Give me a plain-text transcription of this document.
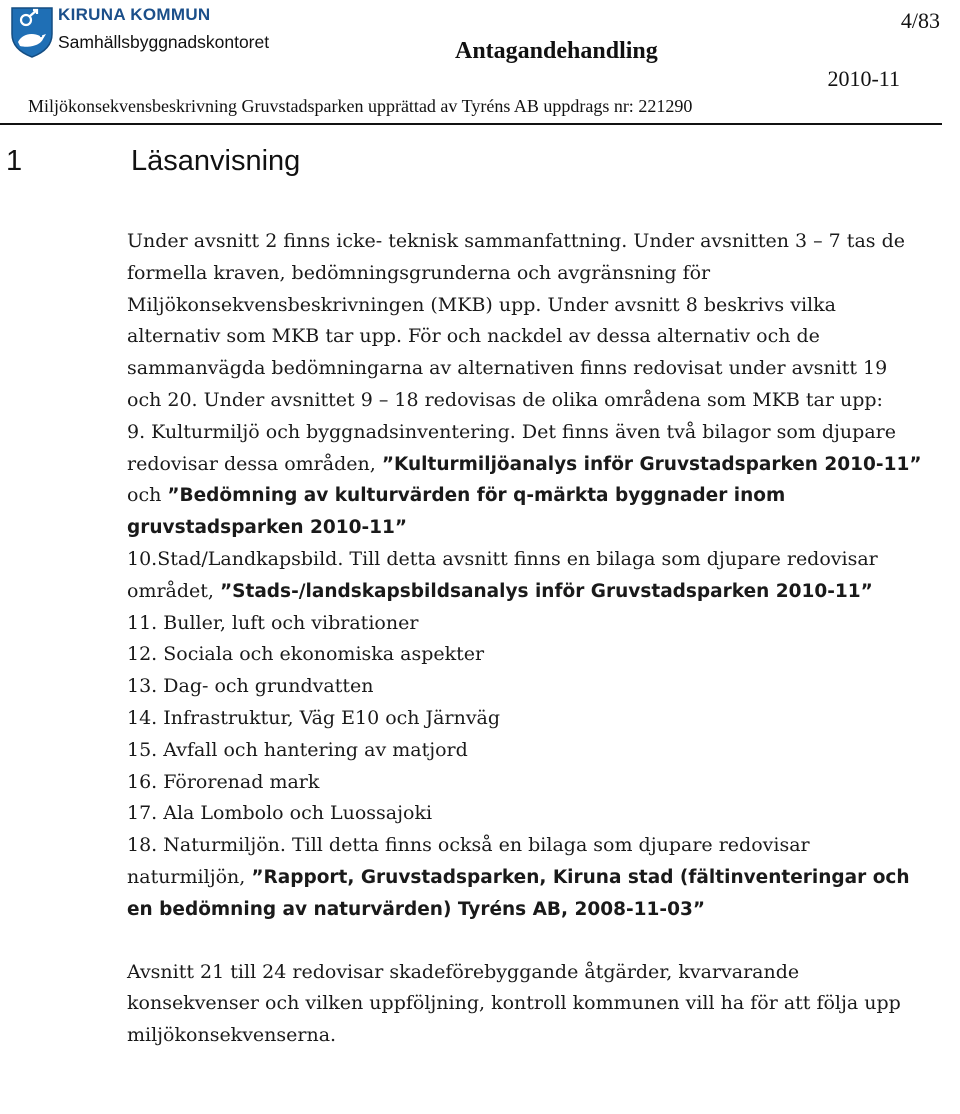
KIRUNA KOMMUN
Samhällsbyggnadskontoret	Antagandehandling
4/83
2010-11
Miljökonsekvensbeskrivning Gruvstadsparken upprättad av Tyréns AB uppdrags nr: 221290
1	Läsanvisning

Under avsnitt 2 finns icke- teknisk sammanfattning. Under avsnitten 3 – 7 tas de formella kraven, bedömningsgrunderna och avgränsning för Miljökonsekvensbeskrivningen (MKB) upp. Under avsnitt 8 beskrivs vilka alternativ som MKB tar upp. För och nackdel av dessa alternativ och de sammanvägda bedömningarna av alternativen finns redovisat under avsnitt 19 och 20. Under avsnittet 9 – 18 redovisas de olika områdena som MKB tar upp:

9. Kulturmiljö och byggnadsinventering. Det finns även två bilagor som djupare redovisar dessa områden, ”Kulturmiljöanalys inför Gruvstadsparken 2010-11” och ”Bedömning av kulturvärden för q-märkta byggnader inom gruvstadsparken 2010-11”

10.Stad/Landkapsbild. Till detta avsnitt finns en bilaga som djupare redovisar området, ”Stads-/landskapsbildsanalys inför Gruvstadsparken 2010-11”

11. Buller, luft och vibrationer

12. Sociala och ekonomiska aspekter

13. Dag- och grundvatten

14. Infrastruktur, Väg E10 och Järnväg

15. Avfall och hantering av matjord

16. Förorenad mark

17. Ala Lombolo och Luossajoki

18. Naturmiljön. Till detta finns också en bilaga som djupare redovisar naturmiljön, ”Rapport, Gruvstadsparken, Kiruna stad (fältinventeringar och en bedömning av naturvärden) Tyréns AB, 2008-11-03”

Avsnitt 21 till 24 redovisar skadeförebyggande åtgärder, kvarvarande konsekvenser och vilken uppföljning, kontroll kommunen vill ha för att följa upp miljökonsekvenserna.
